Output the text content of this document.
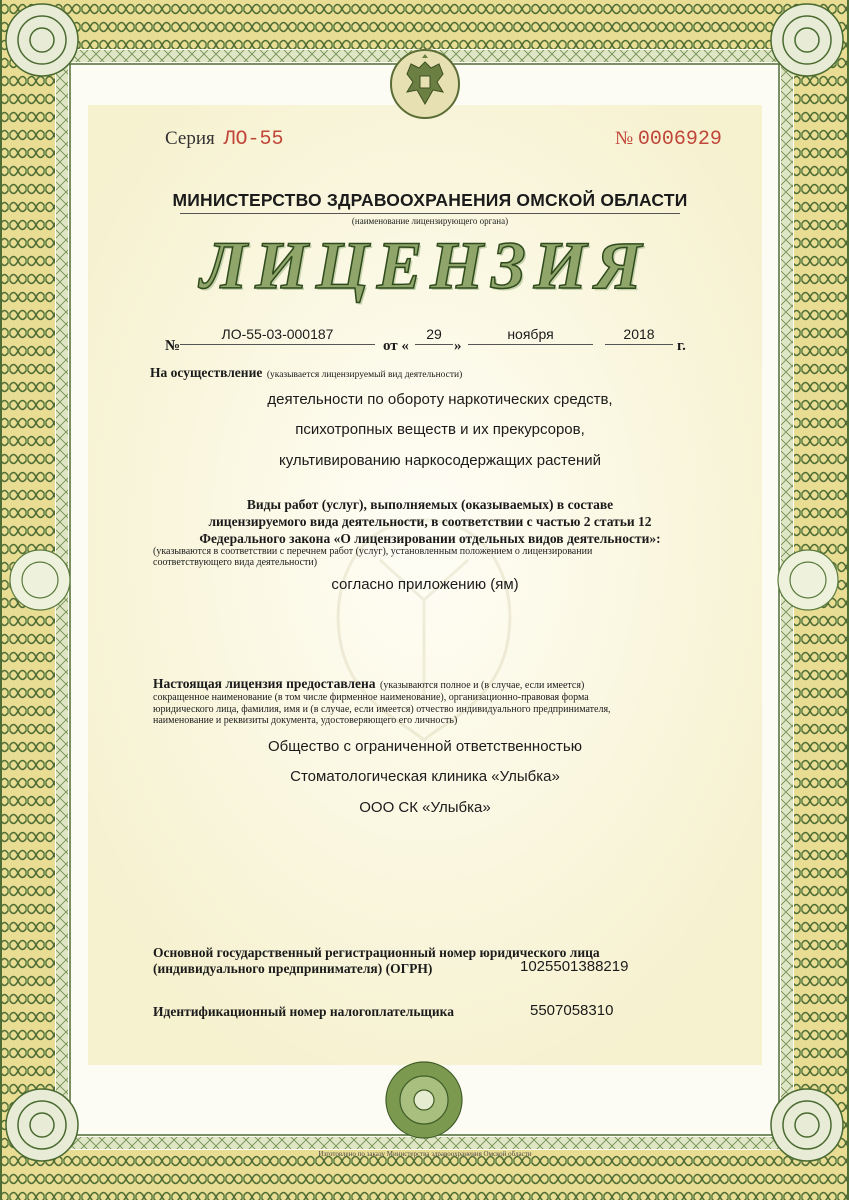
Серия ЛО-55	№ 0006929
МИНИСТЕРСТВО ЗДРАВООХРАНЕНИЯ ОМСКОЙ ОБЛАСТИ
(наименование лицензирующего органа)
ЛИЦЕНЗИЯ
№
ЛО-55-03-000187
от «
29
»
ноября	2018
г.
На осуществление (указывается лицензируемый вид деятельности)
деятельности по обороту наркотических средств,
психотропных веществ и их прекурсоров,
культивированию наркосодержащих растений
Виды работ (услуг), выполняемых (оказываемых) в составе
лицензируемого вида деятельности, в соответствии с частью 2 статьи 12
Федерального закона «О лицензировании отдельных видов деятельности»:
(указываются в соответствии с перечнем работ (услуг), установленным положением о лицензировании
соответствующего вида деятельности)
согласно приложению (ям)
Настоящая лицензия предоставлена (указываются полное и (в случае, если имеется)
сокращенное наименование (в том числе фирменное наименование), организационно-правовая форма
юридического лица, фамилия, имя и (в случае, если имеется) отчество индивидуального предпринимателя,
наименование и реквизиты документа, удостоверяющего его личность)
Общество с ограниченной ответственностью
Стоматологическая клиника «Улыбка»
ООО СК «Улыбка»
Основной государственный регистрационный номер юридического лица
(индивидуального предпринимателя) (ОГРН)	1025501388219
Идентификационный номер налогоплательщика	5507058310
Изготовлено по заказу Министерства здравоохранения Омской области
